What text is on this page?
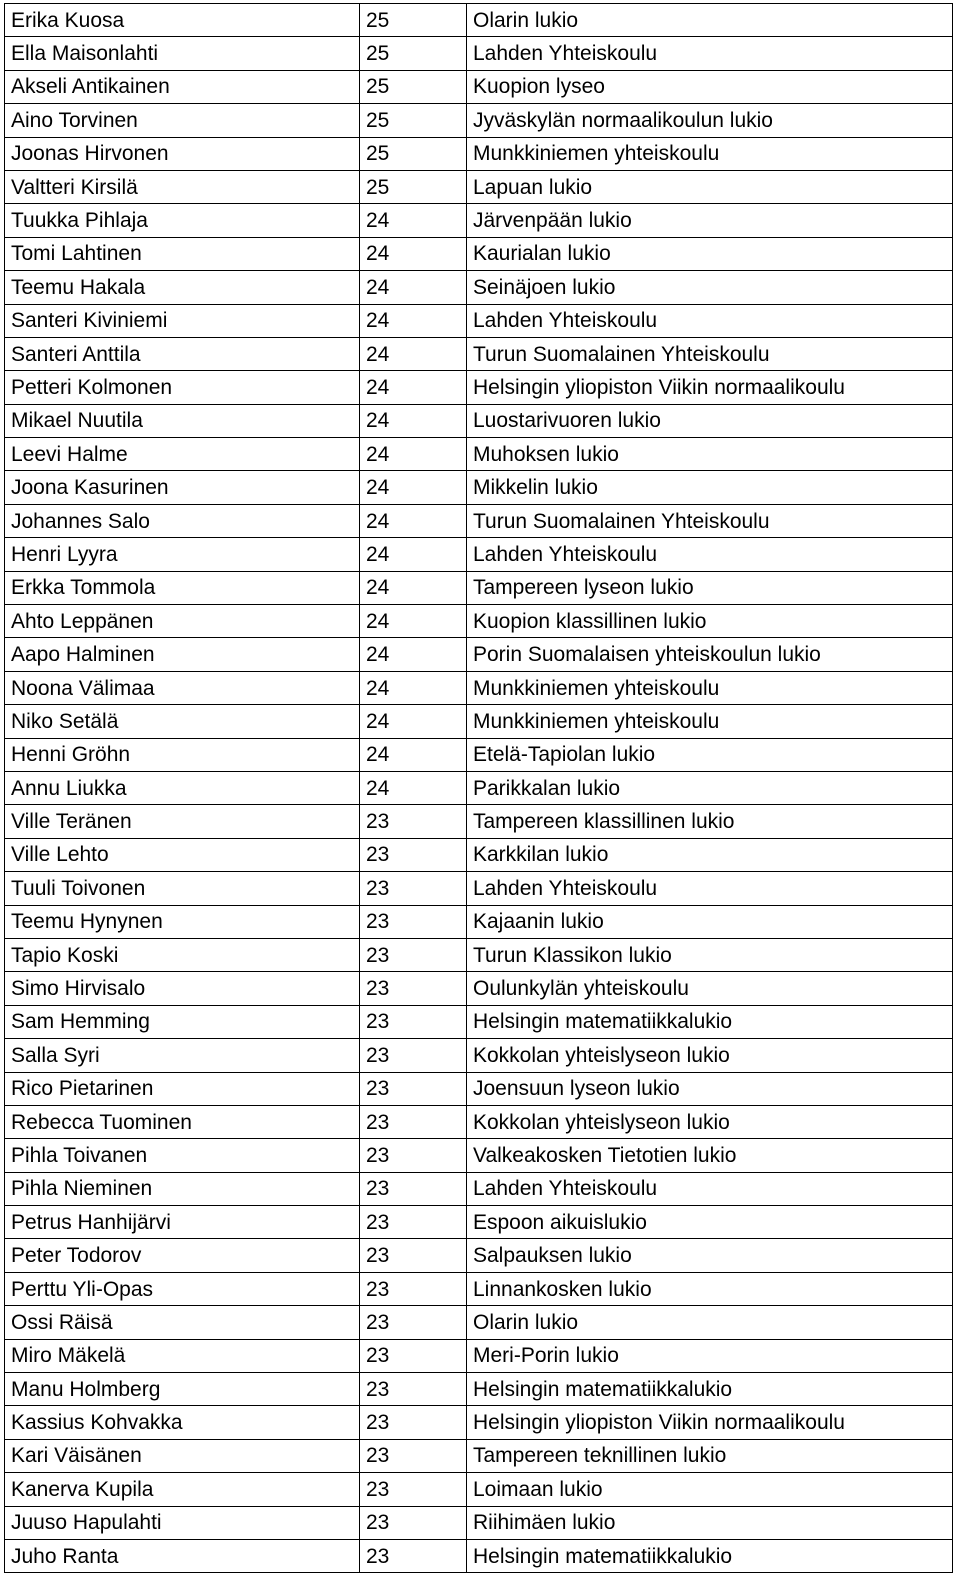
Erika Kuosa	25	Olarin lukio
Ella Maisonlahti	25	Lahden Yhteiskoulu
Akseli Antikainen	25	Kuopion lyseo
Aino Torvinen	25	Jyväskylän normaalikoulun lukio
Joonas Hirvonen	25	Munkkiniemen yhteiskoulu
Valtteri Kirsilä	25	Lapuan lukio
Tuukka Pihlaja	24	Järvenpään lukio
Tomi Lahtinen	24	Kaurialan lukio
Teemu Hakala	24	Seinäjoen lukio
Santeri Kiviniemi	24	Lahden Yhteiskoulu
Santeri Anttila	24	Turun Suomalainen Yhteiskoulu
Petteri Kolmonen	24	Helsingin yliopiston Viikin normaalikoulu
Mikael Nuutila	24	Luostarivuoren lukio
Leevi Halme	24	Muhoksen lukio
Joona Kasurinen	24	Mikkelin lukio
Johannes Salo	24	Turun Suomalainen Yhteiskoulu
Henri Lyyra	24	Lahden Yhteiskoulu
Erkka Tommola	24	Tampereen lyseon lukio
Ahto Leppänen	24	Kuopion klassillinen lukio
Aapo Halminen	24	Porin Suomalaisen yhteiskoulun lukio
Noona Välimaa	24	Munkkiniemen yhteiskoulu
Niko Setälä	24	Munkkiniemen yhteiskoulu
Henni Gröhn	24	Etelä-Tapiolan lukio
Annu Liukka	24	Parikkalan lukio
Ville Teränen	23	Tampereen klassillinen lukio
Ville Lehto	23	Karkkilan lukio
Tuuli Toivonen	23	Lahden Yhteiskoulu
Teemu Hynynen	23	Kajaanin lukio
Tapio Koski	23	Turun Klassikon lukio
Simo Hirvisalo	23	Oulunkylän yhteiskoulu
Sam Hemming	23	Helsingin matematiikkalukio
Salla Syri	23	Kokkolan yhteislyseon lukio
Rico Pietarinen	23	Joensuun lyseon lukio
Rebecca Tuominen	23	Kokkolan yhteislyseon lukio
Pihla Toivanen	23	Valkeakosken Tietotien lukio
Pihla Nieminen	23	Lahden Yhteiskoulu
Petrus Hanhijärvi	23	Espoon aikuislukio
Peter Todorov	23	Salpauksen lukio
Perttu Yli-Opas	23	Linnankosken lukio
Ossi Räisä	23	Olarin lukio
Miro Mäkelä	23	Meri-Porin lukio
Manu Holmberg	23	Helsingin matematiikkalukio
Kassius Kohvakka	23	Helsingin yliopiston Viikin normaalikoulu
Kari Väisänen	23	Tampereen teknillinen lukio
Kanerva Kupila	23	Loimaan lukio
Juuso Hapulahti	23	Riihimäen lukio
Juho Ranta	23	Helsingin matematiikkalukio
